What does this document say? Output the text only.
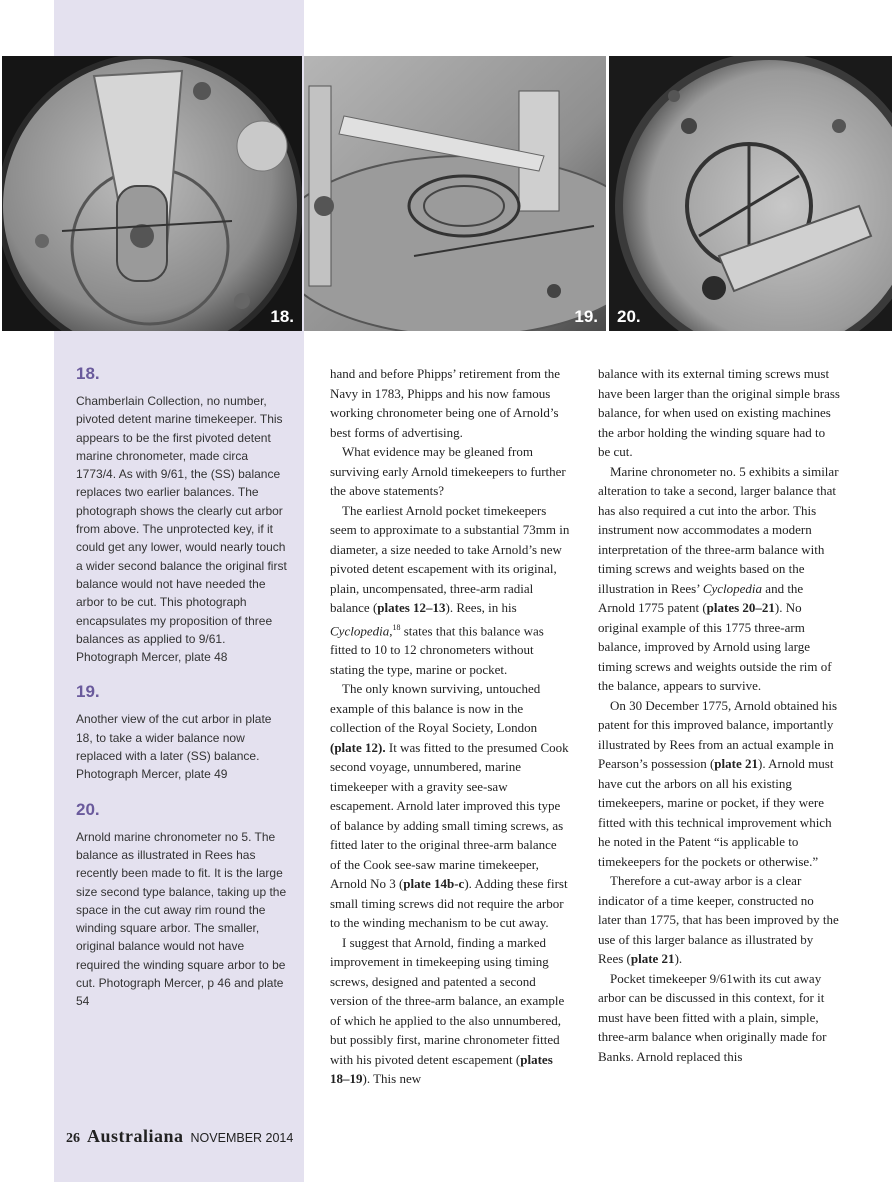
18.	19. 20.
18.

Chamberlain Collection, no number, pivoted detent marine timekeeper. This appears to be the first pivoted detent marine chronometer, made circa 1773/4. As with 9/61, the (SS) balance replaces two earlier balances. The photograph shows the clearly cut arbor from above. The unprotected key, if it could get any lower, would nearly touch a wider second balance the original first balance would not have needed the arbor to be cut. This photograph encapsulates my proposition of three balances as applied to 9/61. Photograph Mercer, plate 48

19.

Another view of the cut arbor in plate 18, to take a wider balance now replaced with a later (SS) balance. Photograph Mercer, plate 49

20.

Arnold marine chronometer no 5. The balance as illustrated in Rees has recently been made to fit. It is the large size second type balance, taking up the space in the cut away rim round the winding square arbor. The smaller, original balance would not have required the winding square arbor to be cut. Photograph Mercer, p 46 and plate 54

hand and before Phipps’ retirement from the Navy in 1783, Phipps and his now famous working chronometer being one of Arnold’s best forms of advertising.

What evidence may be gleaned from surviving early Arnold timekeepers to further the above statements?

The earliest Arnold pocket timekeepers seem to approximate to a substantial 73mm in diameter, a size needed to take Arnold’s new pivoted detent escapement with its original, plain, uncompensated, three-arm radial balance (plates 12–13). Rees, in his Cyclopedia,$^{18}$ states that this balance was fitted to 10 to 12 chronometers without stating the type, marine or pocket.

The only known surviving, untouched example of this balance is now in the collection of the Royal Society, London (plate 12). It was fitted to the presumed Cook second voyage, unnumbered, marine timekeeper with a gravity see-saw escapement. Arnold later improved this type of balance by adding small timing screws, as fitted later to the original three-arm balance of the Cook see-saw marine timekeeper, Arnold No 3 (plate 14b-c). Adding these first small timing screws did not require the arbor to the winding mechanism to be cut away.

I suggest that Arnold, finding a marked improvement in timekeeping using timing screws, designed and patented a second version of the three-arm balance, an example of which he applied to the also unnumbered, but possibly first, marine chronometer fitted with his pivoted detent escapement (plates 18–19). This new

balance with its external timing screws must have been larger than the original simple brass balance, for when used on existing machines the arbor holding the winding square had to be cut.

Marine chronometer no. 5 exhibits a similar alteration to take a second, larger balance that has also required a cut into the arbor. This instrument now accommodates a modern interpretation of the three-arm balance with timing screws and weights based on the illustration in Rees’ Cyclopedia and the Arnold 1775 patent (plates 20–21). No original example of this 1775 three-arm balance, improved by Arnold using large timing screws and weights outside the rim of the balance, appears to survive.

On 30 December 1775, Arnold obtained his patent for this improved balance, importantly illustrated by Rees from an actual example in Pearson’s possession (plate 21). Arnold must have cut the arbors on all his existing timekeepers, marine or pocket, if they were fitted with this technical improvement which he noted in the Patent “is applicable to timekeepers for the pockets or otherwise.”

Therefore a cut-away arbor is a clear indicator of a time keeper, constructed no later than 1775, that has been improved by the use of this larger balance as illustrated by Rees (plate 21).

Pocket timekeeper 9/61with its cut away arbor can be discussed in this context, for it must have been fitted with a plain, simple, three-arm balance when originally made for Banks. Arnold replaced this

26 Australiana NOVEMBER 2014
